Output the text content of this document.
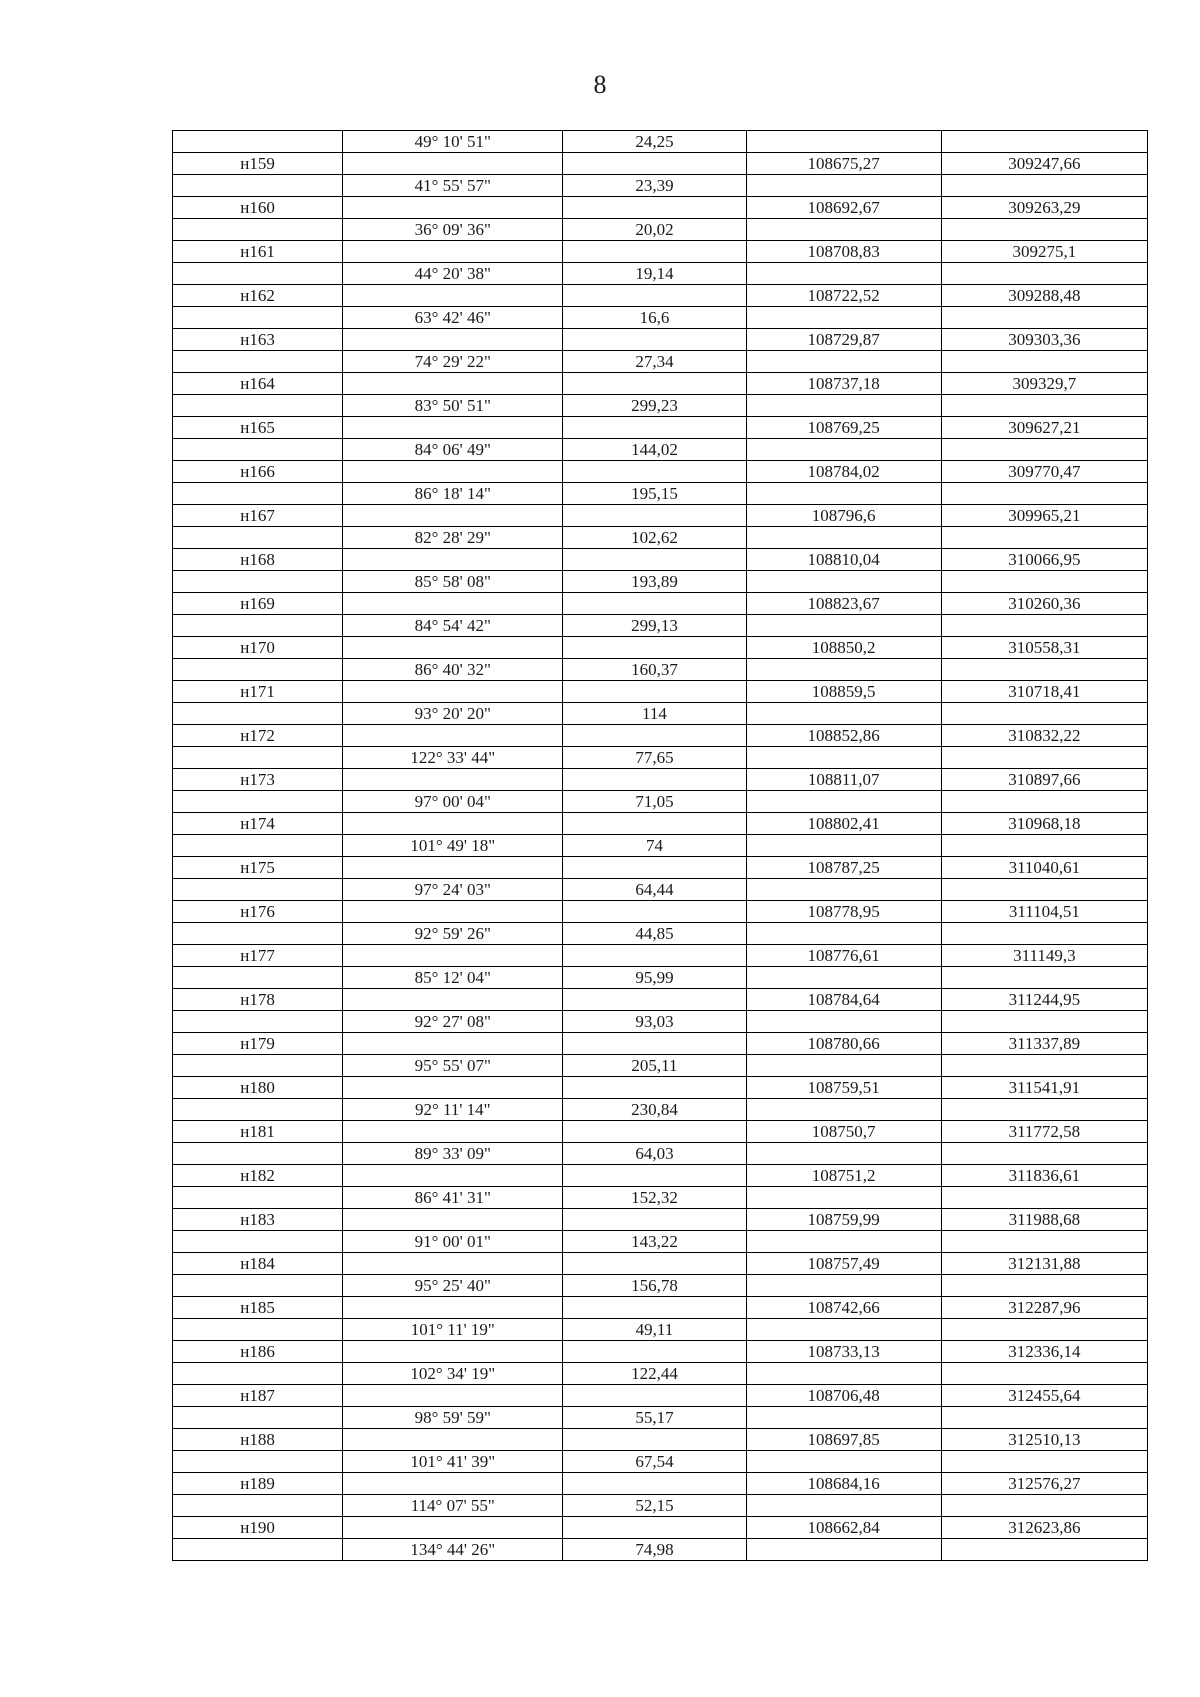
8
	49° 10' 51"	24,25		
н159			108675,27	309247,66
	41° 55' 57"	23,39		
н160			108692,67	309263,29
	36° 09' 36"	20,02		
н161			108708,83	309275,1
	44° 20' 38"	19,14		
н162			108722,52	309288,48
	63° 42' 46"	16,6		
н163			108729,87	309303,36
	74° 29' 22"	27,34		
н164			108737,18	309329,7
	83° 50' 51"	299,23		
н165			108769,25	309627,21
	84° 06' 49"	144,02		
н166			108784,02	309770,47
	86° 18' 14"	195,15		
н167			108796,6	309965,21
	82° 28' 29"	102,62		
н168			108810,04	310066,95
	85° 58' 08"	193,89		
н169			108823,67	310260,36
	84° 54' 42"	299,13		
н170			108850,2	310558,31
	86° 40' 32"	160,37		
н171			108859,5	310718,41
	93° 20' 20"	114		
н172			108852,86	310832,22
	122° 33' 44"	77,65		
н173			108811,07	310897,66
	97° 00' 04"	71,05		
н174			108802,41	310968,18
	101° 49' 18"	74		
н175			108787,25	311040,61
	97° 24' 03"	64,44		
н176			108778,95	311104,51
	92° 59' 26"	44,85		
н177			108776,61	311149,3
	85° 12' 04"	95,99		
н178			108784,64	311244,95
	92° 27' 08"	93,03		
н179			108780,66	311337,89
	95° 55' 07"	205,11		
н180			108759,51	311541,91
	92° 11' 14"	230,84		
н181			108750,7	311772,58
	89° 33' 09"	64,03		
н182			108751,2	311836,61
	86° 41' 31"	152,32		
н183			108759,99	311988,68
	91° 00' 01"	143,22		
н184			108757,49	312131,88
	95° 25' 40"	156,78		
н185			108742,66	312287,96
	101° 11' 19"	49,11		
н186			108733,13	312336,14
	102° 34' 19"	122,44		
н187			108706,48	312455,64
	98° 59' 59"	55,17		
н188			108697,85	312510,13
	101° 41' 39"	67,54		
н189			108684,16	312576,27
	114° 07' 55"	52,15		
н190			108662,84	312623,86
	134° 44' 26"	74,98		
